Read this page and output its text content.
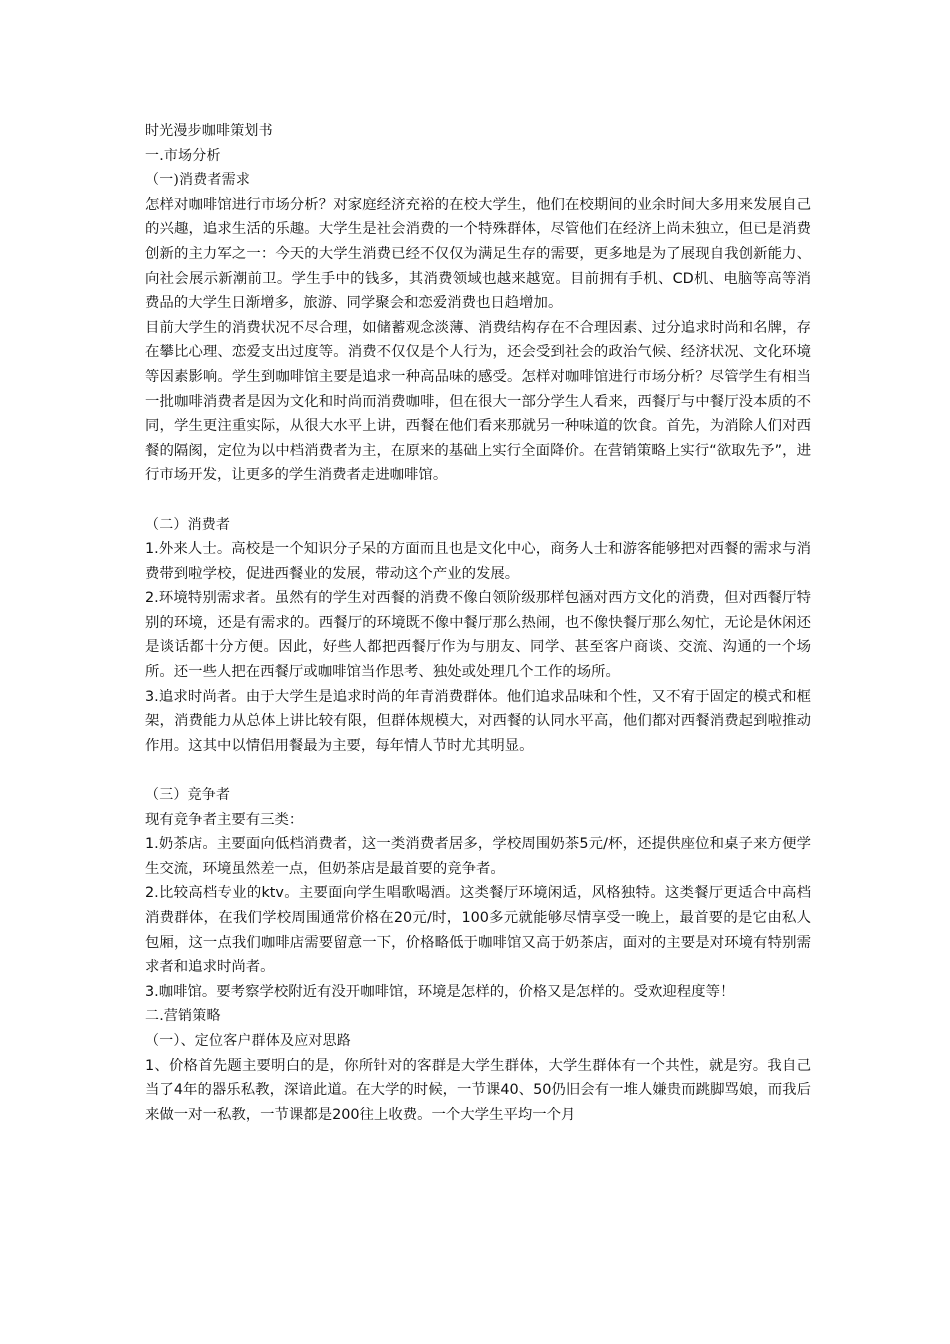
时光漫步咖啡策划书

一.市场分析

（一)消费者需求

怎样对咖啡馆进行市场分析？对家庭经济充裕的在校大学生，他们在校期间的业余时间大多用来发展自己的兴趣，追求生活的乐趣。大学生是社会消费的一个特殊群体，尽管他们在经济上尚未独立，但已是消费创新的主力军之一：今天的大学生消费已经不仅仅为满足生存的需要，更多地是为了展现自我创新能力、向社会展示新潮前卫。学生手中的钱多，其消费领域也越来越宽。目前拥有手机、CD机、电脑等高等消费品的大学生日渐增多，旅游、同学聚会和恋爱消费也日趋增加。

目前大学生的消费状况不尽合理，如储蓄观念淡薄、消费结构存在不合理因素、过分追求时尚和名牌，存在攀比心理、恋爱支出过度等。消费不仅仅是个人行为，还会受到社会的政治气候、经济状况、文化环境等因素影响。学生到咖啡馆主要是追求一种高品味的感受。怎样对咖啡馆进行市场分析？尽管学生有相当一批咖啡消费者是因为文化和时尚而消费咖啡，但在很大一部分学生人看来，西餐厅与中餐厅没本质的不同，学生更注重实际，从很大水平上讲，西餐在他们看来那就另一种味道的饮食。首先，为消除人们对西餐的隔阂，定位为以中档消费者为主，在原来的基础上实行全面降价。在营销策略上实行“欲取先予”，进行市场开发，让更多的学生消费者走进咖啡馆。

（二）消费者

1.外来人士。高校是一个知识分子呆的方面而且也是文化中心，商务人士和游客能够把对西餐的需求与消费带到啦学校，促进西餐业的发展，带动这个产业的发展。

2.环境特别需求者。虽然有的学生对西餐的消费不像白领阶级那样包涵对西方文化的消费，但对西餐厅特别的环境，还是有需求的。西餐厅的环境既不像中餐厅那么热闹，也不像快餐厅那么匆忙，无论是休闲还是谈话都十分方便。因此，好些人都把西餐厅作为与朋友、同学、甚至客户商谈、交流、沟通的一个场所。还一些人把在西餐厅或咖啡馆当作思考、独处或处理几个工作的场所。

3.追求时尚者。由于大学生是追求时尚的年青消费群体。他们追求品味和个性，又不宥于固定的模式和框架，消费能力从总体上讲比较有限，但群体规模大，对西餐的认同水平高，他们都对西餐消费起到啦推动作用。这其中以情侣用餐最为主要，每年情人节时尤其明显。

（三）竞争者

现有竞争者主要有三类：

1.奶茶店。主要面向低档消费者，这一类消费者居多，学校周围奶茶5元/杯，还提供座位和桌子来方便学生交流，环境虽然差一点，但奶茶店是最首要的竞争者。

2.比较高档专业的ktv。主要面向学生唱歌喝酒。这类餐厅环境闲适，风格独特。这类餐厅更适合中高档消费群体，在我们学校周围通常价格在20元/时，100多元就能够尽情享受一晚上，最首要的是它由私人包厢，这一点我们咖啡店需要留意一下，价格略低于咖啡馆又高于奶茶店，面对的主要是对环境有特别需求者和追求时尚者。

3.咖啡馆。要考察学校附近有没开咖啡馆，环境是怎样的，价格又是怎样的。受欢迎程度等！

二.营销策略

（一）、定位客户群体及应对思路

1、价格首先题主要明白的是，你所针对的客群是大学生群体，大学生群体有一个共性，就是穷。我自己当了4年的器乐私教，深谙此道。在大学的时候，一节课40、50仍旧会有一堆人嫌贵而跳脚骂娘，而我后来做一对一私教，一节课都是200往上收费。一个大学生平均一个月
